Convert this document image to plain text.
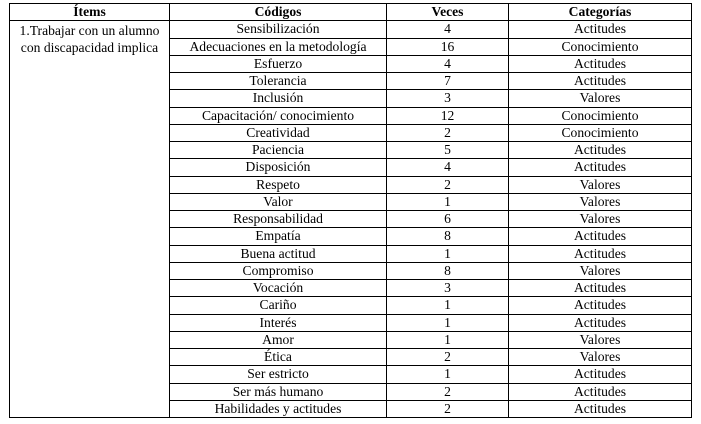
Ítems	Códigos	Veces	Categorías
1.Trabajar con un alumno con discapacidad implica	Sensibilización	4	Actitudes
	Adecuaciones en la metodología	16	Conocimiento
	Esfuerzo	4	Actitudes
	Tolerancia	7	Actitudes
	Inclusión	3	Valores
	Capacitación/ conocimiento	12	Conocimiento
	Creatividad	2	Conocimiento
	Paciencia	5	Actitudes
	Disposición	4	Actitudes
	Respeto	2	Valores
	Valor	1	Valores
	Responsabilidad	6	Valores
	Empatía	8	Actitudes
	Buena actitud	1	Actitudes
	Compromiso	8	Valores
	Vocación	3	Actitudes
	Cariño	1	Actitudes
	Interés	1	Actitudes
	Amor	1	Valores
	Ética	2	Valores
	Ser estricto	1	Actitudes
	Ser más humano	2	Actitudes
	Habilidades y actitudes	2	Actitudes
